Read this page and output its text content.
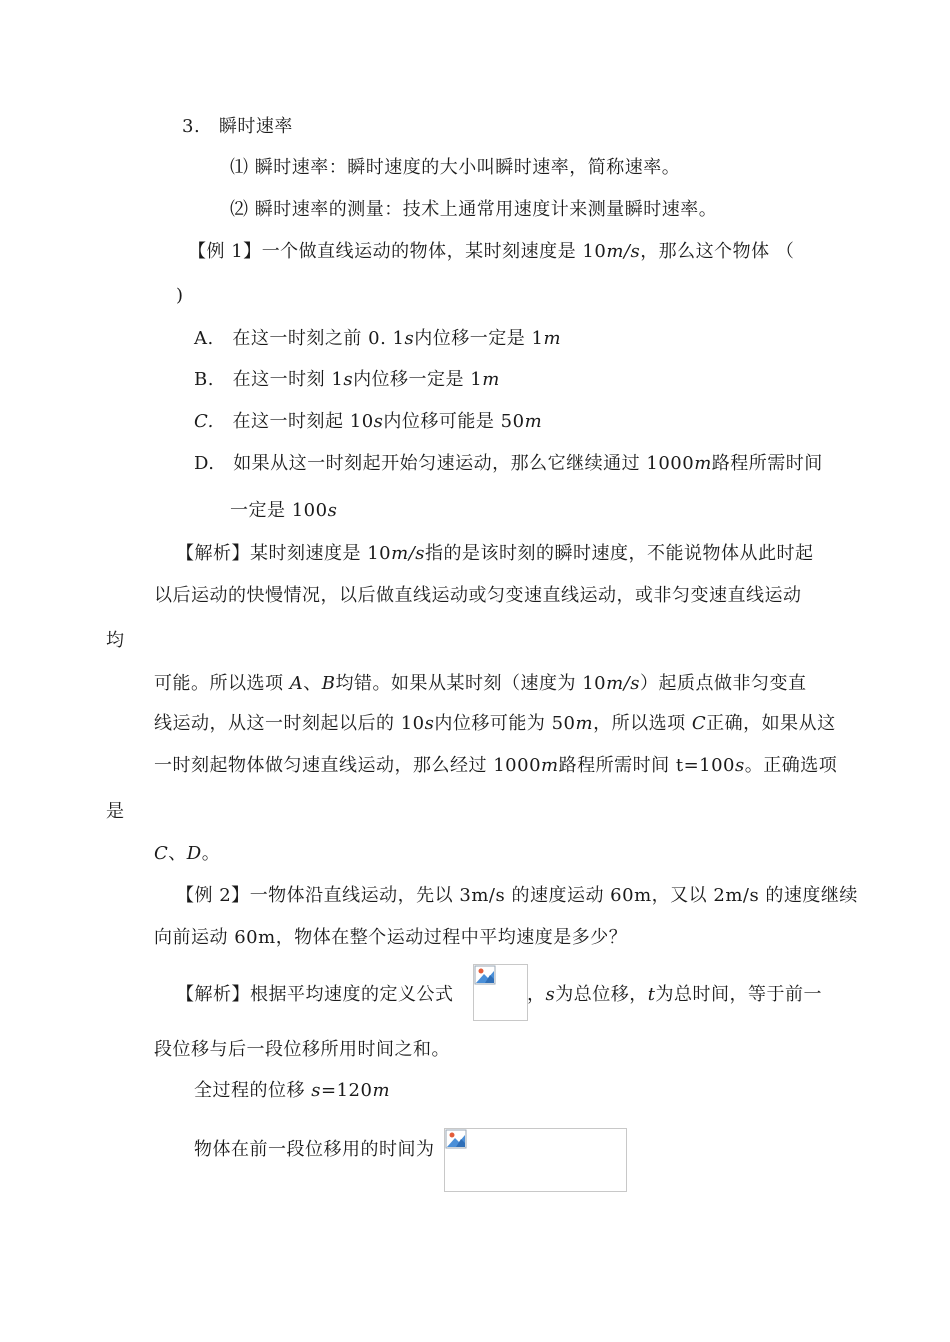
3. 瞬时速率
⑴ 瞬时速率：瞬时速度的大小叫瞬时速率，简称速率。
⑵ 瞬时速率的测量：技术上通常用速度计来测量瞬时速率。
【例 1】一个做直线运动的物体，某时刻速度是 10m/s，那么这个物体 （
)
A. 在这一时刻之前 0. 1s内位移一定是 1m
B. 在这一时刻 1s内位移一定是 1m
C. 在这一时刻起 10s内位移可能是 50m
D. 如果从这一时刻起开始匀速运动，那么它继续通过 1000m路程所需时间
一定是 100s
【解析】某时刻速度是 10m/s指的是该时刻的瞬时速度，不能说物体从此时起
以后运动的快慢情况，以后做直线运动或匀变速直线运动，或非匀变速直线运动
均
可能。所以选项 A、B均错。如果从某时刻（速度为 10m/s）起质点做非匀变直
线运动，从这一时刻起以后的 10s内位移可能为 50m，所以选项 C正确，如果从这
一时刻起物体做匀速直线运动，那么经过 1000m路程所需时间 t=100s。正确选项
是
C、D。
【例 2】一物体沿直线运动，先以 3m/s 的速度运动 60m，又以 2m/s 的速度继续
向前运动 60m，物体在整个运动过程中平均速度是多少？
【解析】根据平均速度的定义公式	，s为总位移，t为总时间，等于前一
段位移与后一段位移所用时间之和。
全过程的位移 s=120m
物体在前一段位移用的时间为
